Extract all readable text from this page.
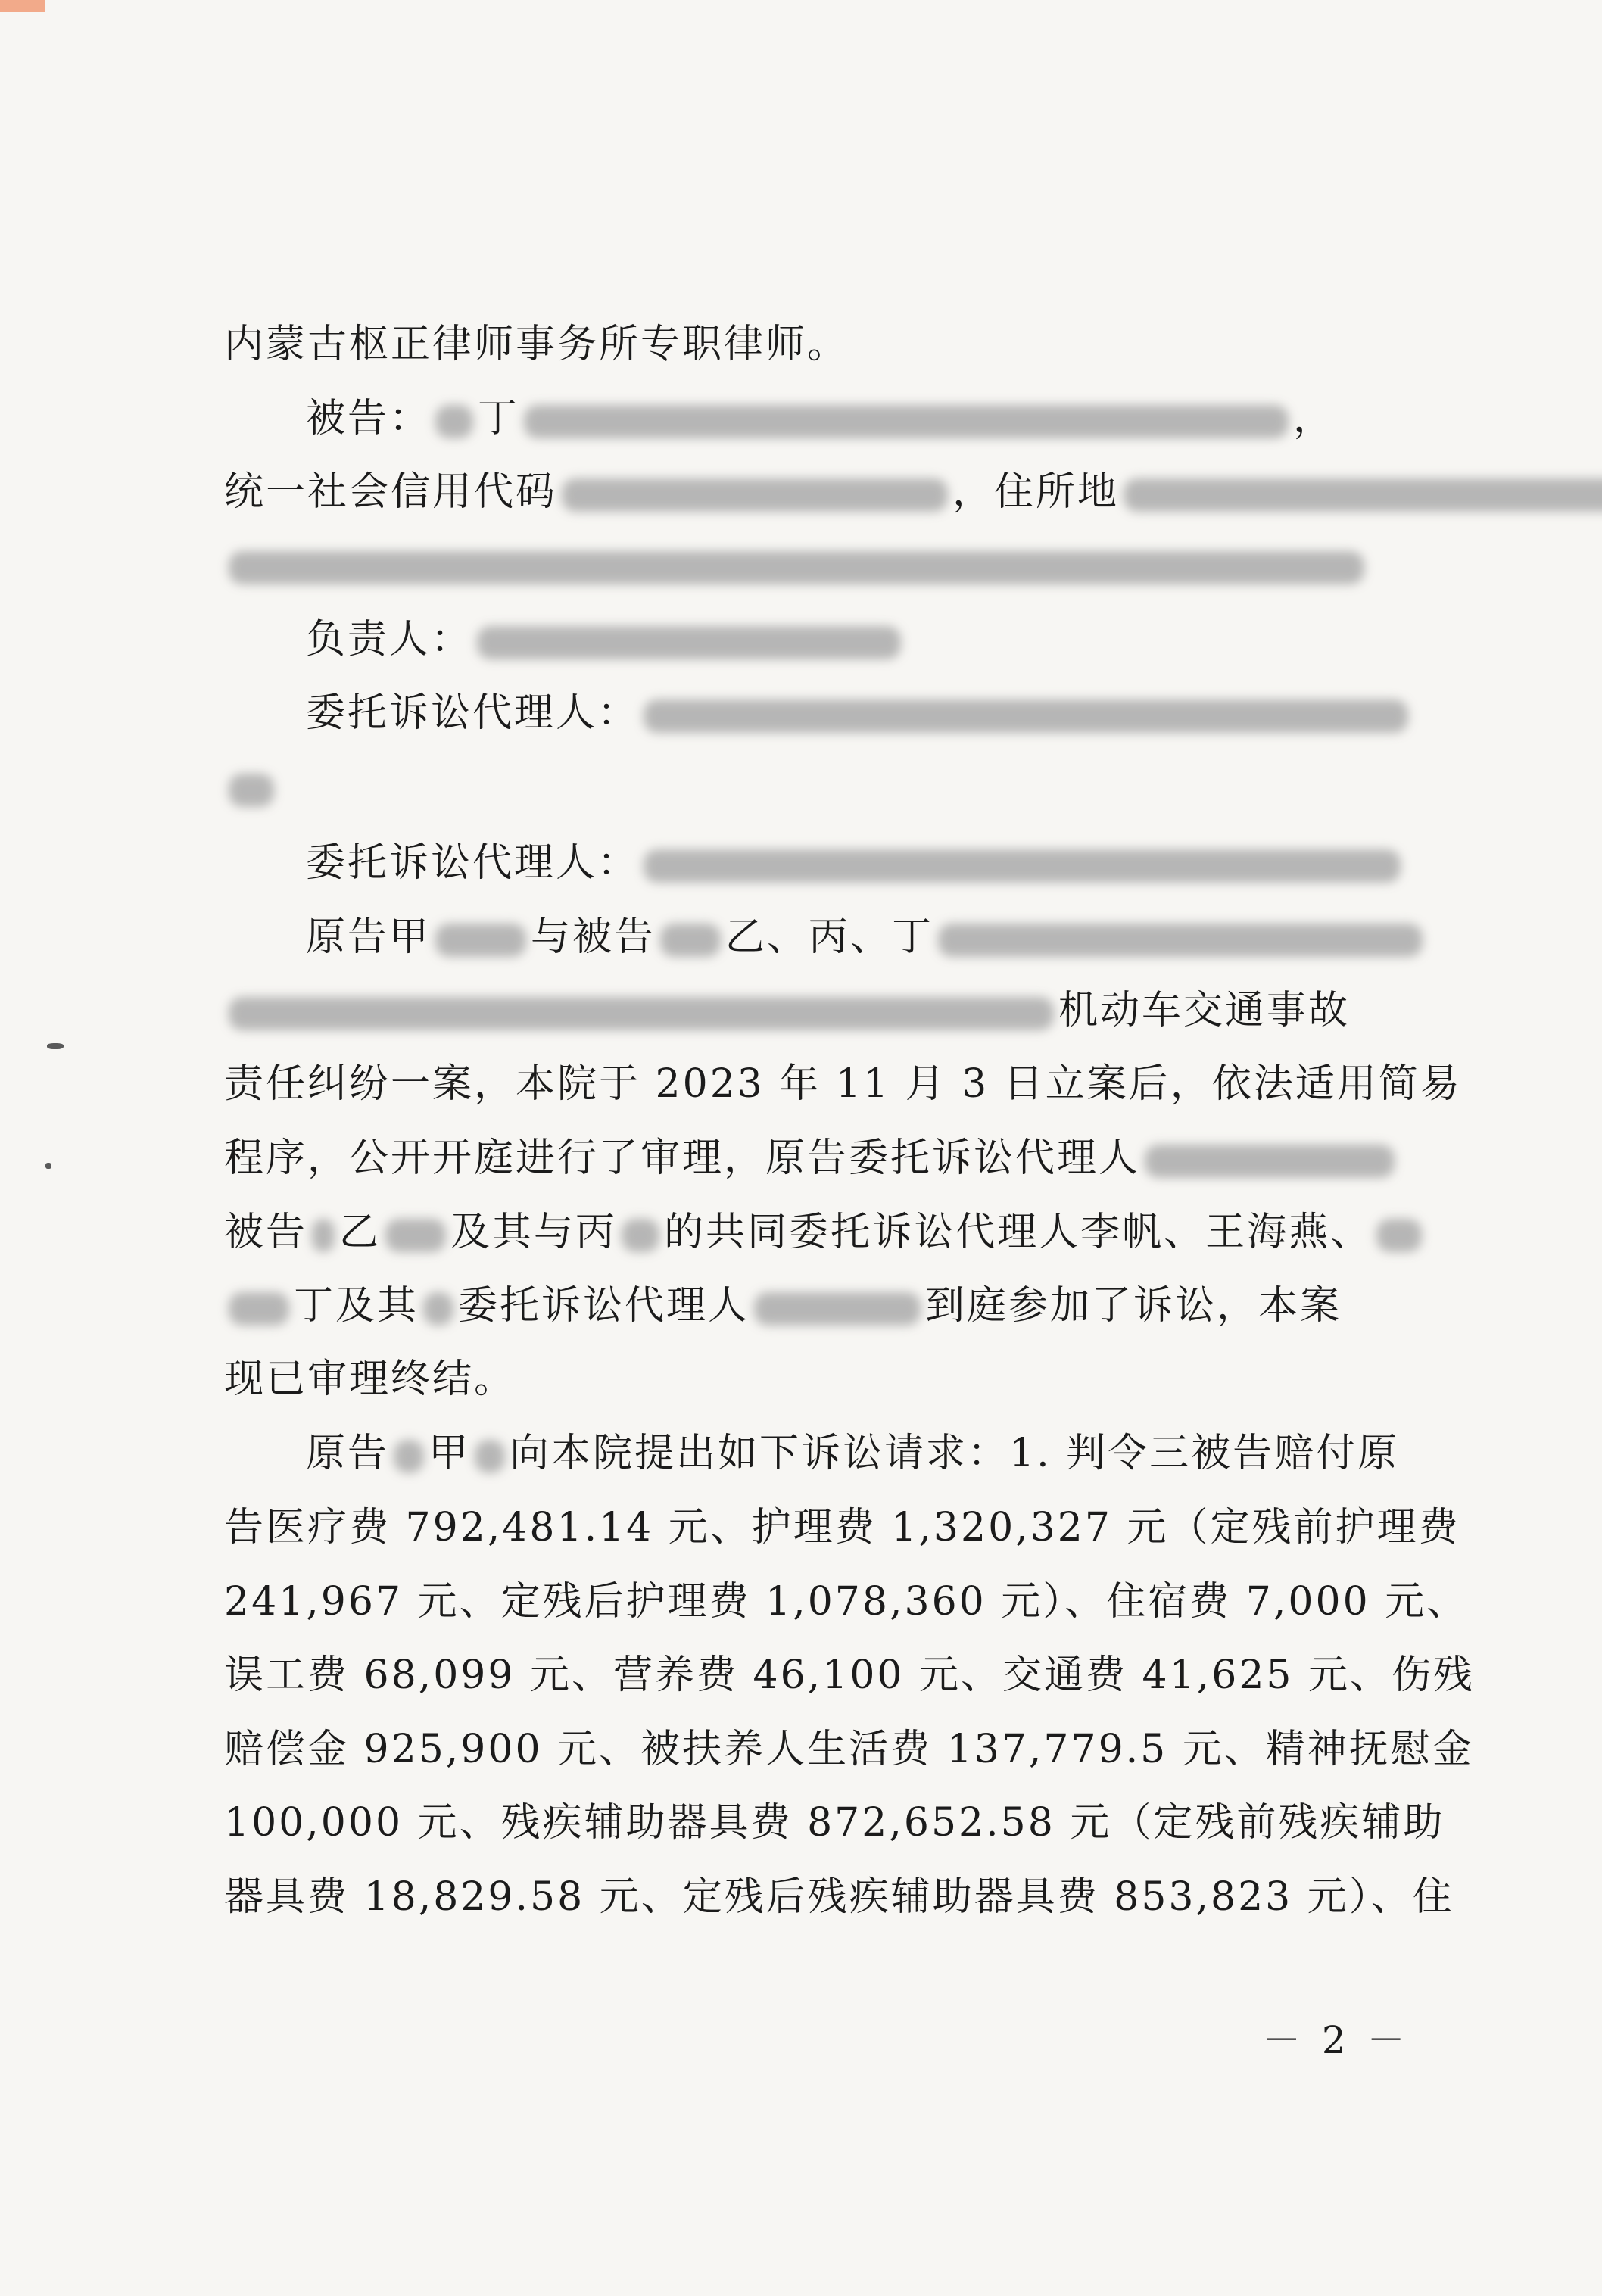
内蒙古枢正律师事务所专职律师。
被告： 丁	，
统一社会信用代码	，住所地
负责人：
委托诉讼代理人：
委托诉讼代理人：
原告甲	与被告 乙、丙、丁
机动车交通事故
责任纠纷一案，本院于 2023 年 11 月 3 日立案后，依法适用简易
程序，公开开庭进行了审理，原告委托诉讼代理人
被告 乙 及其与丙 的共同委托诉讼代理人李帆、王海燕、
丁及其 委托诉讼代理人	到庭参加了诉讼，本案
现已审理终结。
原告 甲 向本院提出如下诉讼请求：1. 判令三被告赔付原
告医疗费 792,481.14 元、护理费 1,320,327 元（定残前护理费
241,967 元、定残后护理费 1,078,360 元）、住宿费 7,000 元、
误工费 68,099 元、营养费 46,100 元、交通费 41,625 元、伤残
赔偿金 925,900 元、被扶养人生活费 137,779.5 元、精神抚慰金
100,000 元、残疾辅助器具费 872,652.58 元（定残前残疾辅助
器具费 18,829.58 元、定残后残疾辅助器具费 853,823 元）、住
－ 2 －
